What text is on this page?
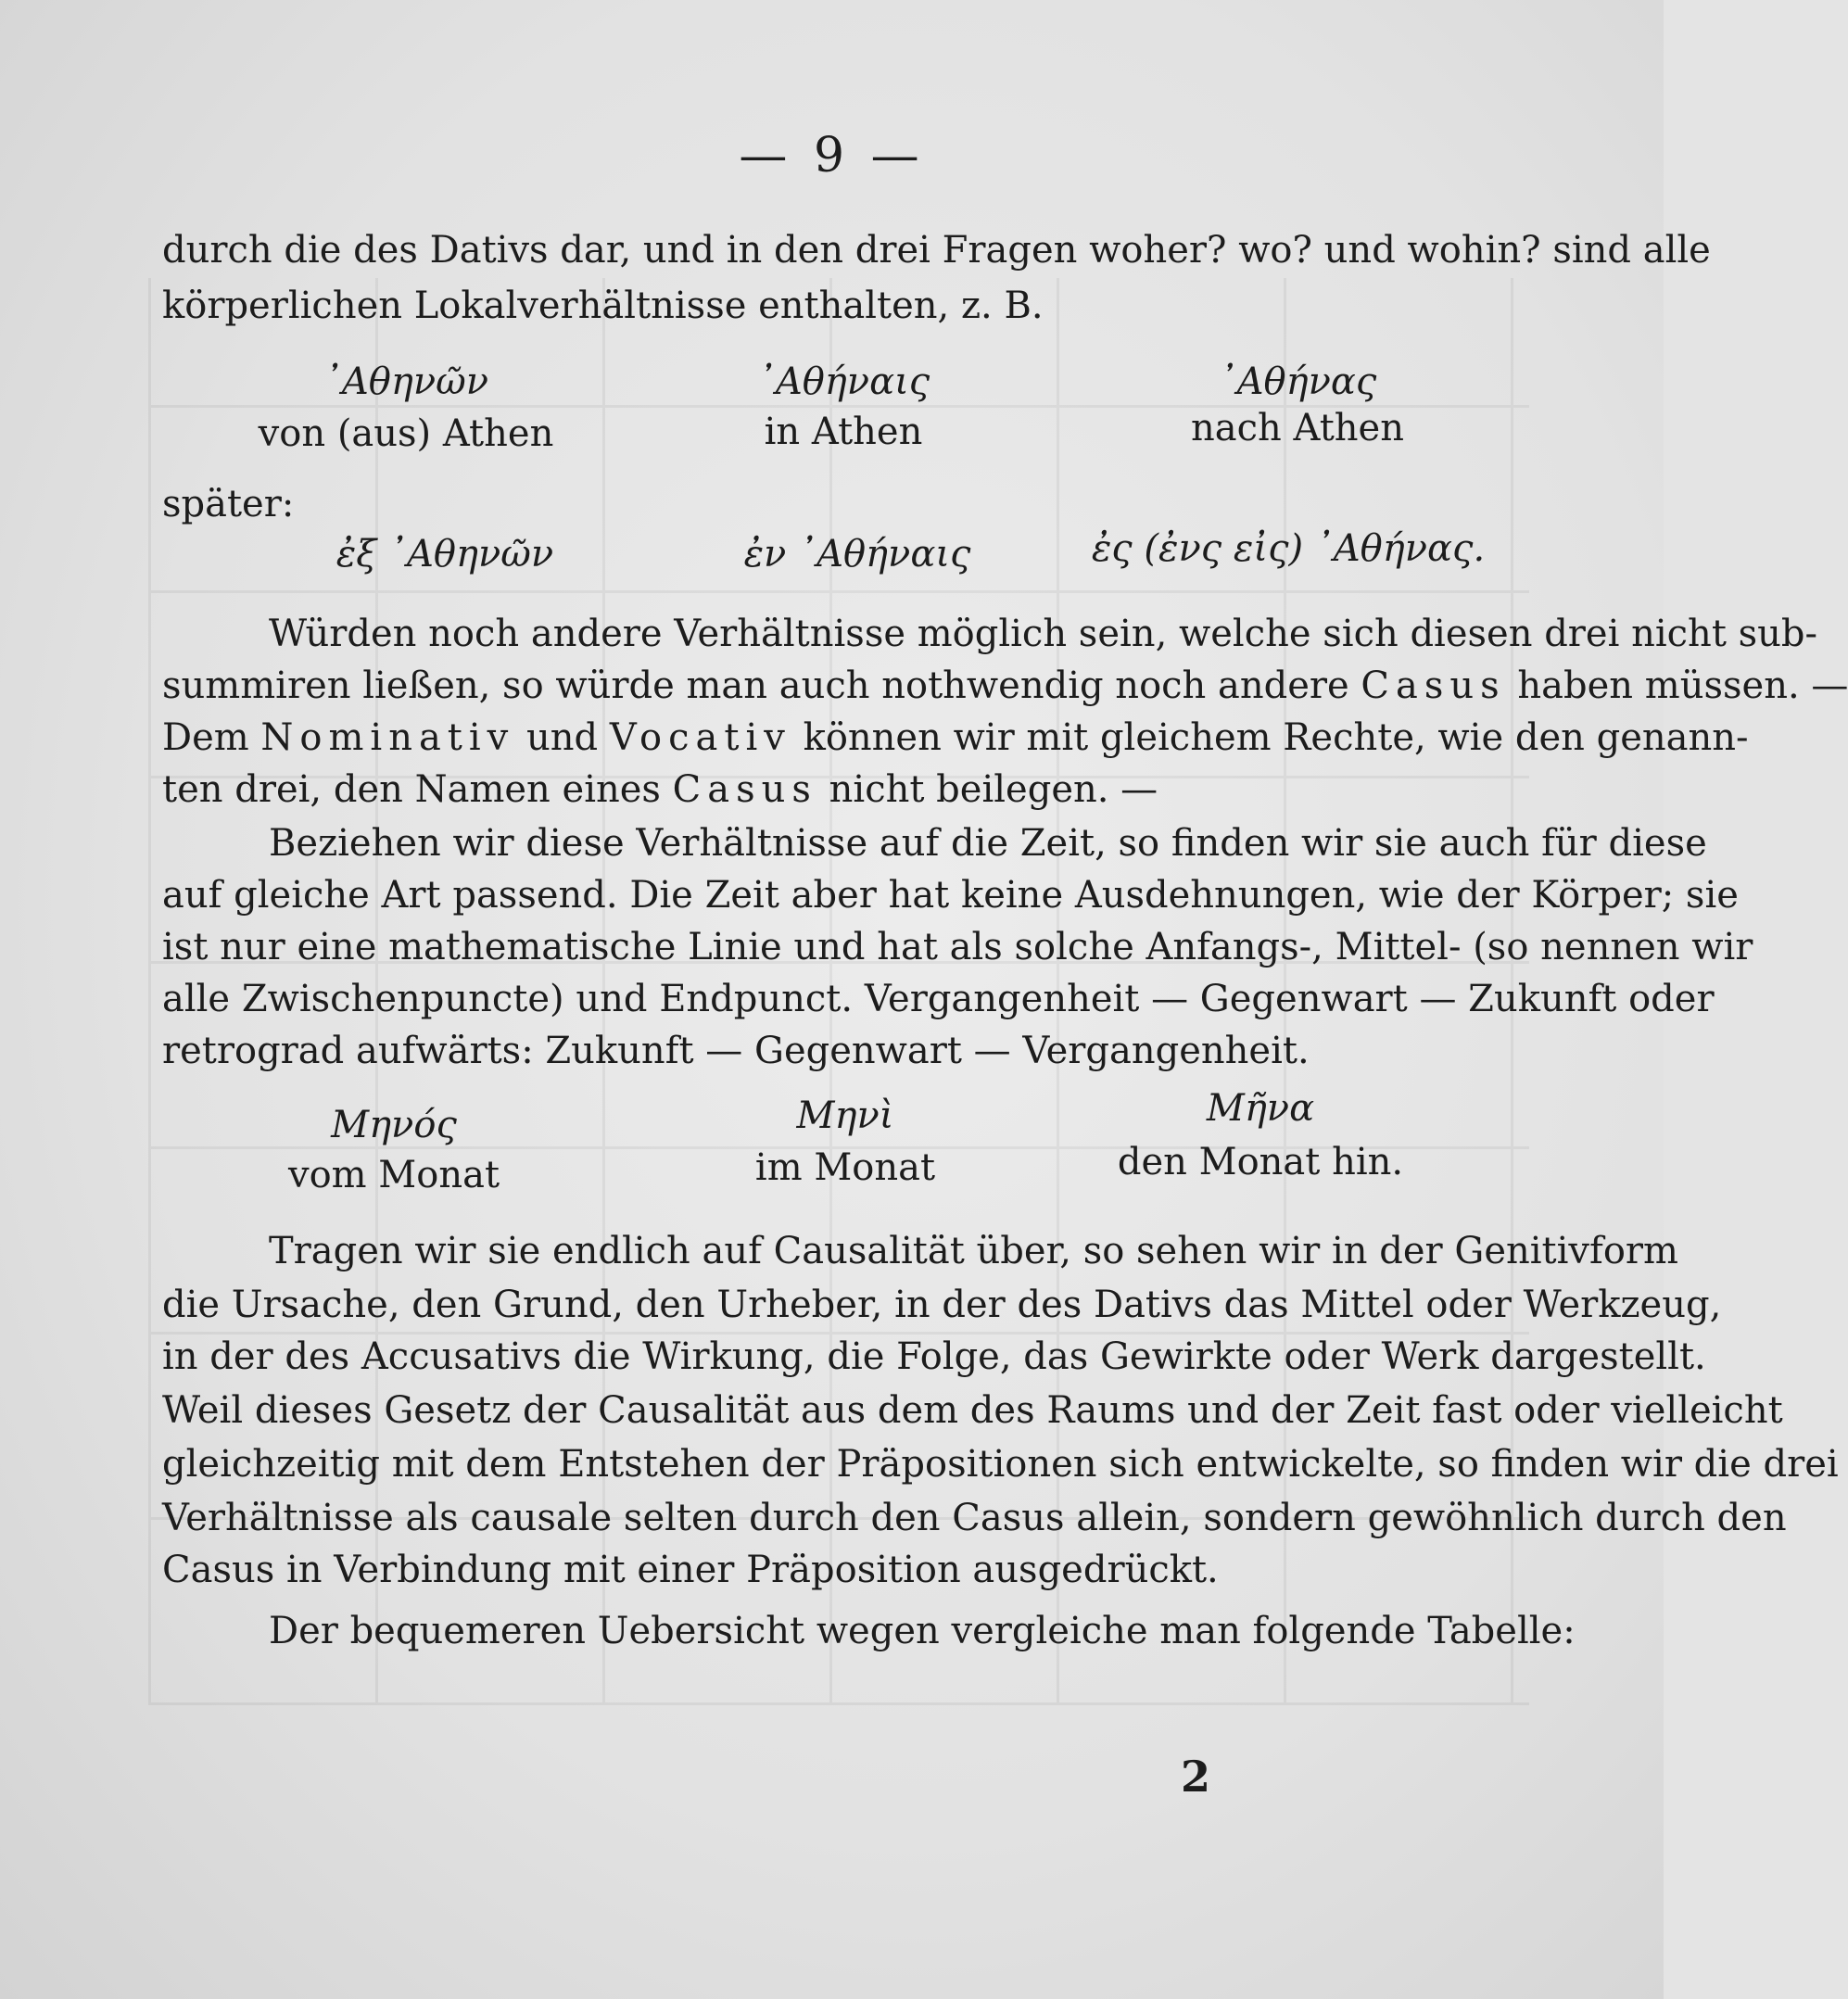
— 9 —
durch die des Dativs dar, und in den drei Fragen woher? wo? und wohin? sind alle
körperlichen Lokalverhältnisse enthalten, z. B.
᾿Αθηνῶν	᾿Αθήναις	᾿Αθήνας
von (aus) Athen	in Athen	nach Athen
später:
ἐξ ᾿Αθηνῶν	ἐν ᾿Αθήναις	ἐς (ἐνς εἰς) ᾿Αθήνας.
Würden noch andere Verhältnisse möglich sein, welche sich diesen drei nicht sub-
summiren ließen, so würde man auch nothwendig noch andere Casus haben müssen. —
Dem Nominativ und Vocativ können wir mit gleichem Rechte, wie den genann-
ten drei, den Namen eines Casus nicht beilegen. —
Beziehen wir diese Verhältnisse auf die Zeit, so finden wir sie auch für diese
auf gleiche Art passend. Die Zeit aber hat keine Ausdehnungen, wie der Körper; sie
ist nur eine mathematische Linie und hat als solche Anfangs-, Mittel- (so nennen wir
alle Zwischenpuncte) und Endpunct. Vergangenheit — Gegenwart — Zukunft oder
retrograd aufwärts: Zukunft — Gegenwart — Vergangenheit.
Μηνός	Μηνὶ	Μῆνα
vom Monat	im Monat	den Monat hin.
Tragen wir sie endlich auf Causalität über, so sehen wir in der Genitivform
die Ursache, den Grund, den Urheber, in der des Dativs das Mittel oder Werkzeug,
in der des Accusativs die Wirkung, die Folge, das Gewirkte oder Werk dargestellt.
Weil dieses Gesetz der Causalität aus dem des Raums und der Zeit fast oder vielleicht
gleichzeitig mit dem Entstehen der Präpositionen sich entwickelte, so finden wir die drei
Verhältnisse als causale selten durch den Casus allein, sondern gewöhnlich durch den
Casus in Verbindung mit einer Präposition ausgedrückt.
Der bequemeren Uebersicht wegen vergleiche man folgende Tabelle:
2
